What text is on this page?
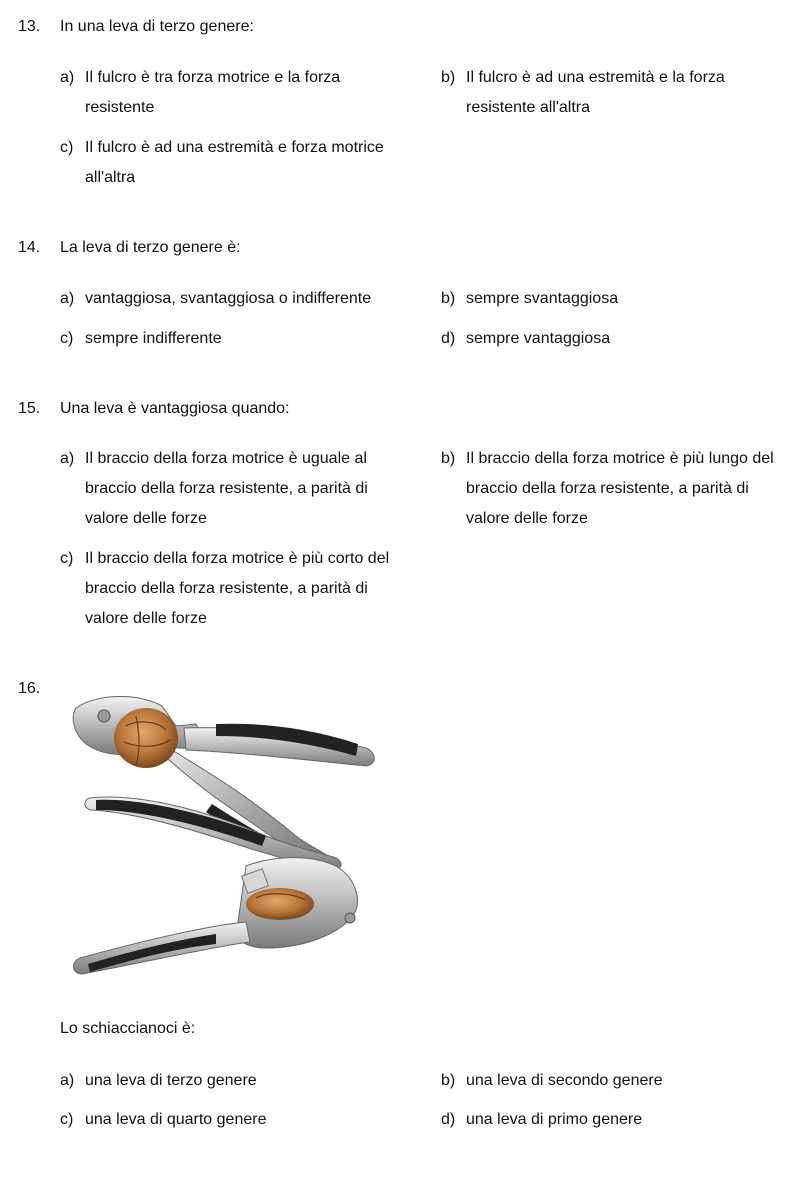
13. In una leva di terzo genere:
a) Il fulcro è tra forza motrice e la forza
resistente
b) Il fulcro è ad una estremità e la forza
resistente all'altra
c) Il fulcro è ad una estremità e forza motrice
all'altra
14. La leva di terzo genere è:
a) vantaggiosa, svantaggiosa o indifferente	b) sempre svantaggiosa
c) sempre indifferente	d) sempre vantaggiosa
15. Una leva è vantaggiosa quando:
a) Il braccio della forza motrice è uguale al
braccio della forza resistente, a parità di
valore delle forze
b) Il braccio della forza motrice è più lungo del
braccio della forza resistente, a parità di
valore delle forze
c) Il braccio della forza motrice è più corto del
braccio della forza resistente, a parità di
valore delle forze
16.
Lo schiaccianoci è:
a) una leva di terzo genere	b) una leva di secondo genere
c) una leva di quarto genere	d) una leva di primo genere
